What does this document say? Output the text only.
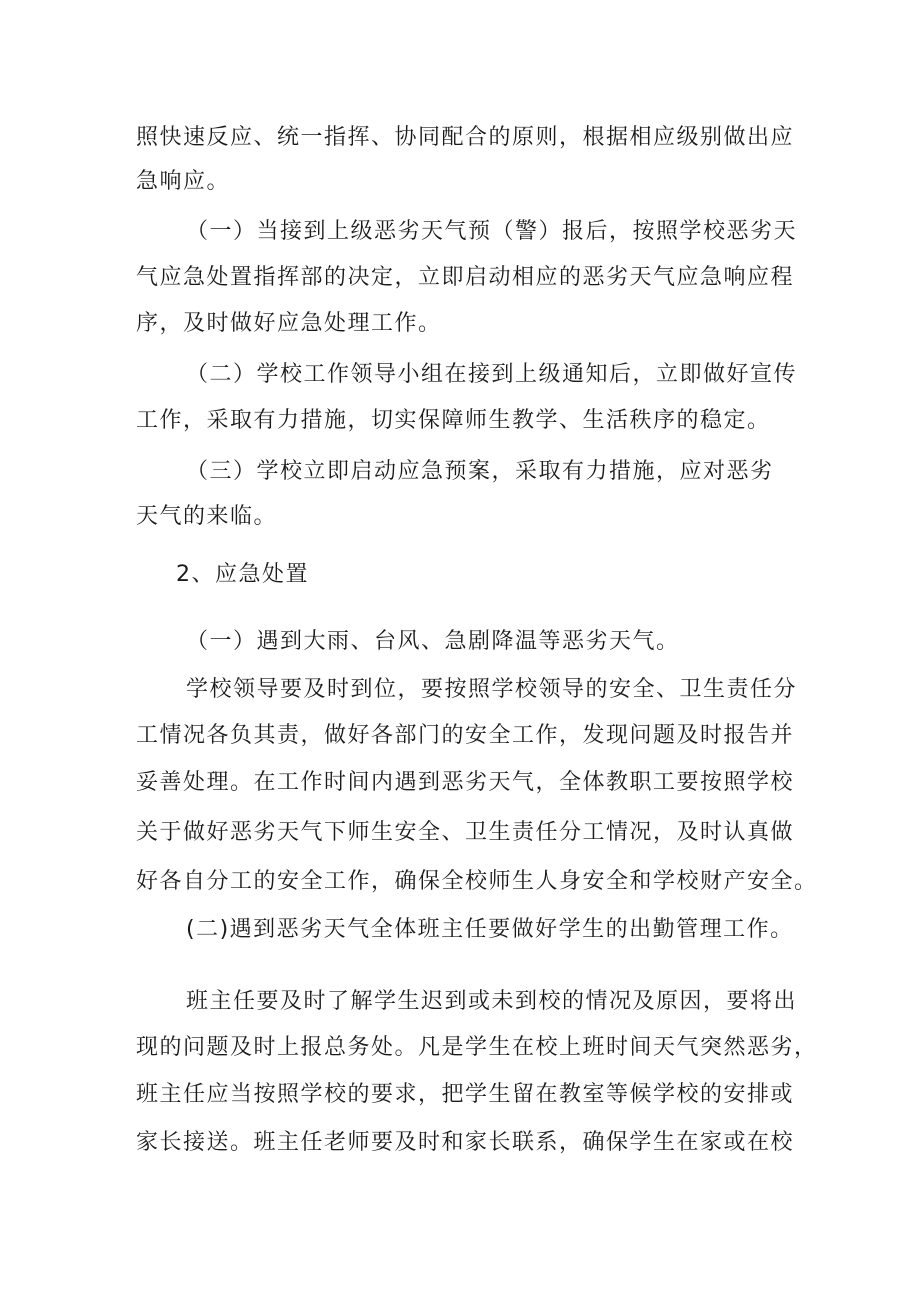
照快速反应、统一指挥、协同配合的原则，根据相应级别做出应
急响应。
（一）当接到上级恶劣天气预（警）报后，按照学校恶劣天
气应急处置指挥部的决定，立即启动相应的恶劣天气应急响应程
序，及时做好应急处理工作。
（二）学校工作领导小组在接到上级通知后，立即做好宣传
工作，采取有力措施，切实保障师生教学、生活秩序的稳定。
（三）学校立即启动应急预案，采取有力措施，应对恶劣
天气的来临。
2、应急处置
（一）遇到大雨、台风、急剧降温等恶劣天气。
学校领导要及时到位，要按照学校领导的安全、卫生责任分
工情况各负其责，做好各部门的安全工作，发现问题及时报告并
妥善处理。在工作时间内遇到恶劣天气，全体教职工要按照学校
关于做好恶劣天气下师生安全、卫生责任分工情况，及时认真做
好各自分工的安全工作，确保全校师生人身安全和学校财产安全。
(二)遇到恶劣天气全体班主任要做好学生的出勤管理工作。
班主任要及时了解学生迟到或未到校的情况及原因，要将出
现的问题及时上报总务处。凡是学生在校上班时间天气突然恶劣，
班主任应当按照学校的要求，把学生留在教室等候学校的安排或
家长接送。班主任老师要及时和家长联系，确保学生在家或在校
